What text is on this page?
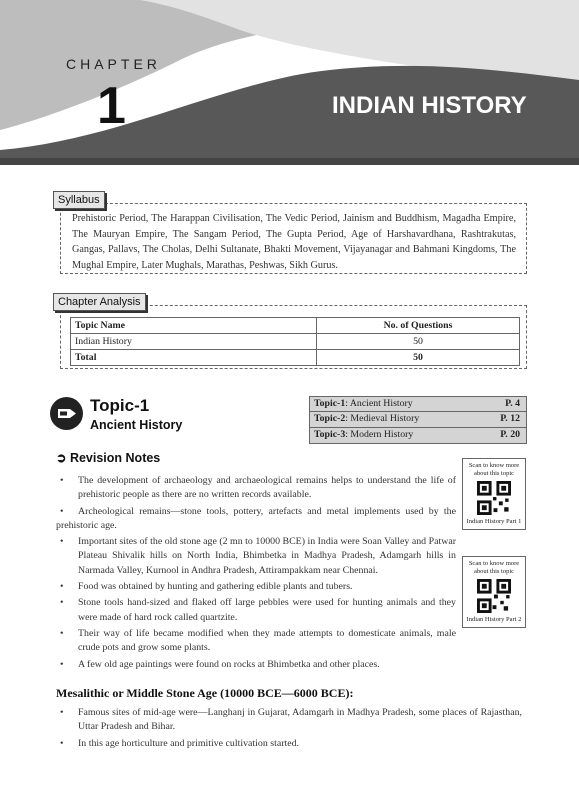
CHAPTER
1	INDIAN HISTORY
Syllabus
Prehistoric Period, The Harappan Civilisation, The Vedic Period, Jainism and Buddhism, Magadha Empire, The Mauryan Empire, The Sangam Period, The Gupta Period, Age of Harshavardhana, Rashtrakutas, Gangas, Pallavs, The Cholas, Delhi Sultanate, Bhakti Movement, Vijayanagar and Bahmani Kingdoms, The Mughal Empire, Later Mughals, Marathas, Peshwas, Sikh Gurus.
Chapter Analysis
Topic Name	No. of Questions
Indian History	50
Total	50
Topic-1
Ancient History
Topic-1: Ancient History	P. 4
Topic-2: Medieval History	P. 12
Topic-3: Modern History	P. 20
➲ Revision Notes
• The development of archaeology and archaeological remains helps to understand the life of prehistoric people as there are no written records available.
• Archeological remains—stone tools, pottery, artefacts and metal implements used by the prehistoric age.
• Important sites of the old stone age (2 mn to 10000 BCE) in India were Soan Valley and Patwar Plateau Shivalik hills on North India, Bhimbetka in Madhya Pradesh, Adamgarh hills in Narmada Valley, Kurnool in Andhra Pradesh, Attirampakkam near Chennai.
• Food was obtained by hunting and gathering edible plants and tubers.
• Stone tools hand-sized and flaked off large pebbles were used for hunting animals and they were made of hard rock called quartzite.
• Their way of life became modified when they made attempts to domesticate animals, male crude pots and grow some plants.
• A few old age paintings were found on rocks at Bhimbetka and other places.
Scan to know more about this topic
Indian History Part 1
Scan to know more about this topic
Indian History Part 2
Mesalithic or Middle Stone Age (10000 BCE—6000 BCE):
• Famous sites of mid-age were—Langhanj in Gujarat, Adamgarh in Madhya Pradesh, some places of Rajasthan, Uttar Pradesh and Bihar.
• In this age horticulture and primitive cultivation started.
